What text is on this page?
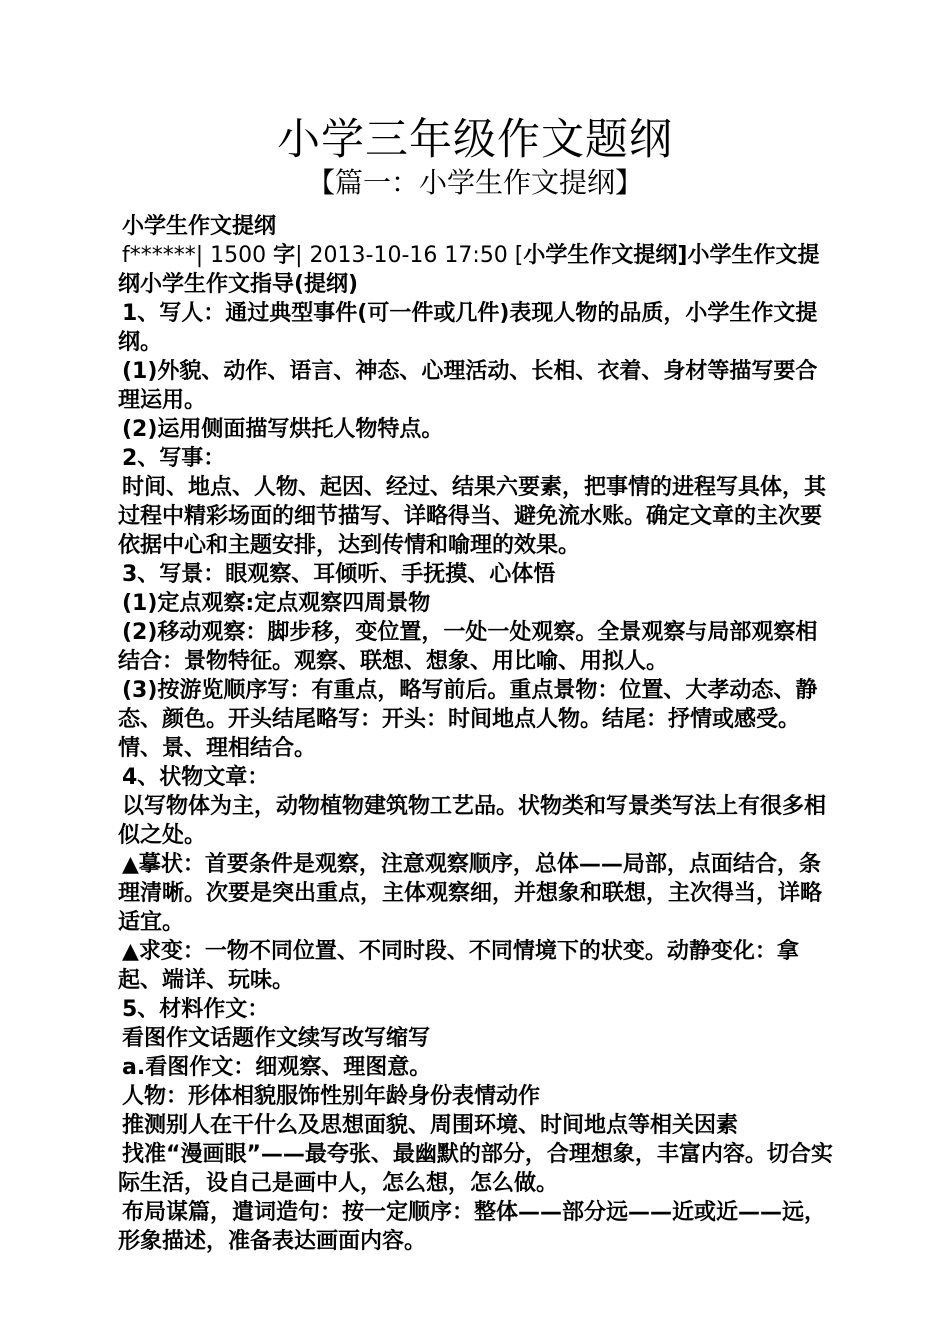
小学三年级作文题纲
【篇一：小学生作文提纲】

小学生作文提纲

f******| 1500 字| 2013-10-16 17:50 [小学生作文提纲]小学生作文提纲小学生作文指导(提纲)

1、写人：通过典型事件(可一件或几件)表现人物的品质，小学生作文提纲。

(1)外貌、动作、语言、神态、心理活动、长相、衣着、身材等描写要合理运用。

(2)运用侧面描写烘托人物特点。

2、写事：

时间、地点、人物、起因、经过、结果六要素，把事情的进程写具体，其过程中精彩场面的细节描写、详略得当、避免流水账。确定文章的主次要依据中心和主题安排，达到传情和喻理的效果。

3、写景：眼观察、耳倾听、手抚摸、心体悟

(1)定点观察:定点观察四周景物

(2)移动观察：脚步移，变位置，一处一处观察。全景观察与局部观察相结合：景物特征。观察、联想、想象、用比喻、用拟人。

(3)按游览顺序写：有重点，略写前后。重点景物：位置、大孝动态、静态、颜色。开头结尾略写：开头：时间地点人物。结尾：抒情或感受。情、景、理相结合。

4、状物文章：

以写物体为主，动物植物建筑物工艺品。状物类和写景类写法上有很多相似之处。

▲摹状：首要条件是观察，注意观察顺序，总体——局部，点面结合，条理清晰。次要是突出重点，主体观察细，并想象和联想，主次得当，详略适宜。

▲求变：一物不同位置、不同时段、不同情境下的状变。动静变化：拿起、端详、玩味。

5、材料作文：

看图作文话题作文续写改写缩写

a.看图作文：细观察、理图意。

人物：形体相貌服饰性别年龄身份表情动作

推测别人在干什么及思想面貌、周围环境、时间地点等相关因素

找准“漫画眼”——最夸张、最幽默的部分，合理想象，丰富内容。切合实际生活，设自己是画中人，怎么想，怎么做。

布局谋篇，遣词造句：按一定顺序：整体——部分远——近或近——远，形象描述，准备表达画面内容。
